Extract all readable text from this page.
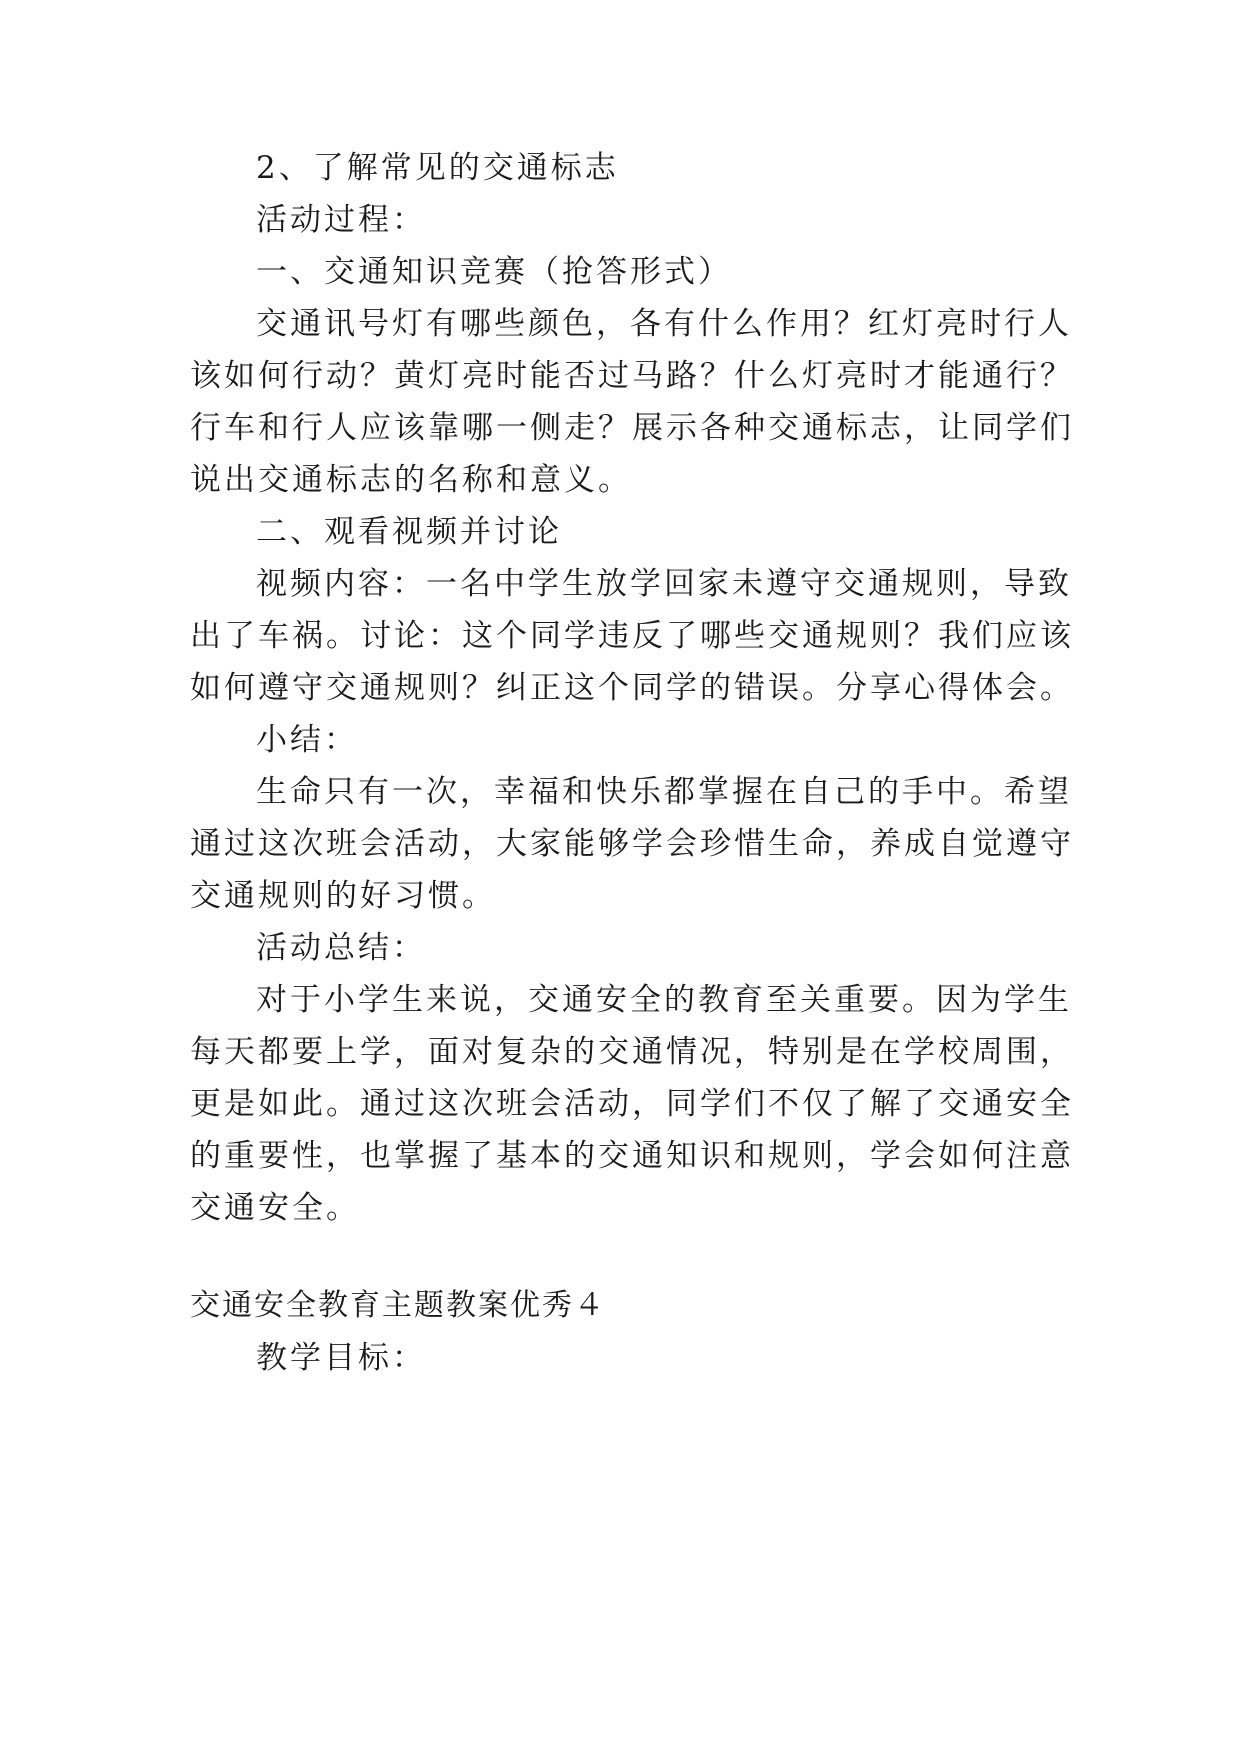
2、了解常见的交通标志

活动过程：

一、交通知识竞赛（抢答形式）

交通讯号灯有哪些颜色，各有什么作用？红灯亮时行人

该如何行动？黄灯亮时能否过马路？什么灯亮时才能通行？

行车和行人应该靠哪一侧走？展示各种交通标志，让同学们

说出交通标志的名称和意义。

二、观看视频并讨论

视频内容：一名中学生放学回家未遵守交通规则，导致

出了车祸。讨论：这个同学违反了哪些交通规则？我们应该

如何遵守交通规则？纠正这个同学的错误。分享心得体会。

小结：

生命只有一次，幸福和快乐都掌握在自己的手中。希望

通过这次班会活动，大家能够学会珍惜生命，养成自觉遵守

交通规则的好习惯。

活动总结：

对于小学生来说，交通安全的教育至关重要。因为学生

每天都要上学，面对复杂的交通情况，特别是在学校周围，

更是如此。通过这次班会活动，同学们不仅了解了交通安全

的重要性，也掌握了基本的交通知识和规则，学会如何注意

交通安全。

交通安全教育主题教案优秀４

教学目标：
